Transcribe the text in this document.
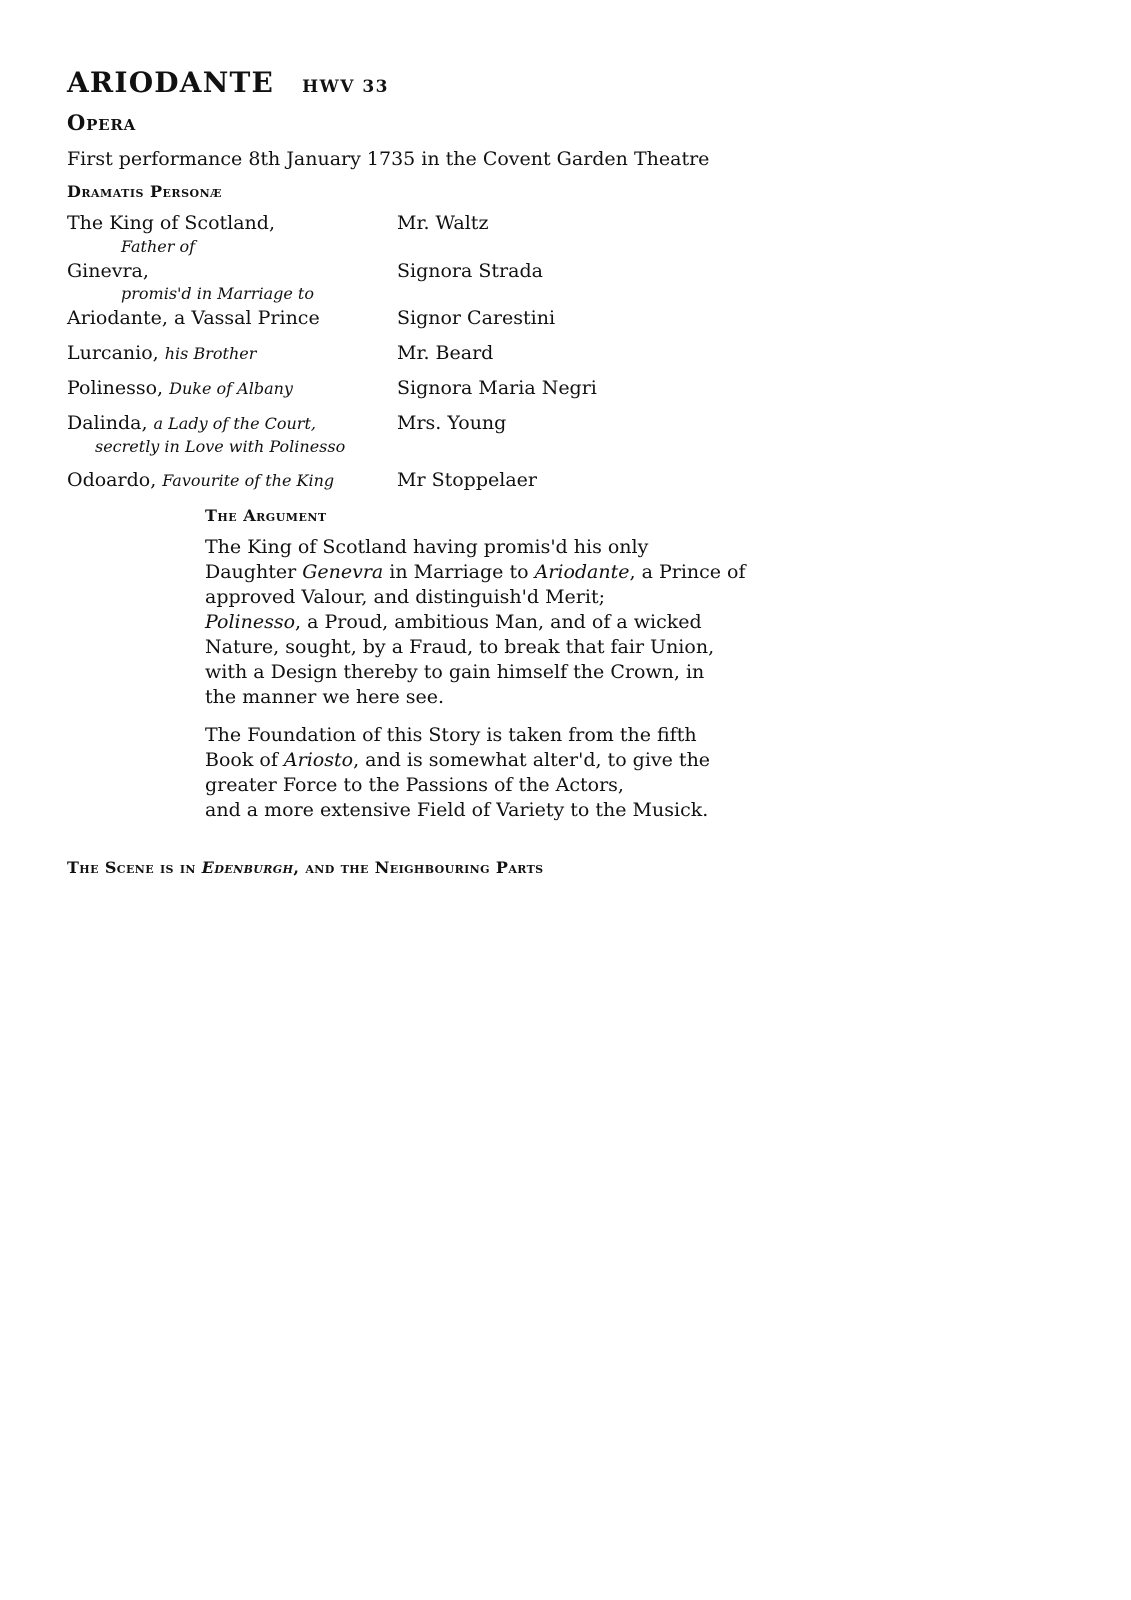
ARIODANTE HWV 33
Opera
First performance 8th January 1735 in the Covent Garden Theatre
Dramatis Personæ
The King of Scotland,	Mr. Waltz
Father of
Ginevra,	Signora Strada
promis'd in Marriage to
Ariodante, a Vassal Prince	Signor Carestini
Lurcanio, his Brother	Mr. Beard
Polinesso, Duke of Albany	Signora Maria Negri
Dalinda, a Lady of the Court,	Mrs. Young
secretly in Love with Polinesso
Odoardo, Favourite of the King	Mr Stoppelaer
The Argument
The King of Scotland having promis'd his only
Daughter Genevra in Marriage to Ariodante, a Prince of
approved Valour, and distinguish'd Merit;
Polinesso, a Proud, ambitious Man, and of a wicked
Nature, sought, by a Fraud, to break that fair Union,
with a Design thereby to gain himself the Crown, in
the manner we here see.
The Foundation of this Story is taken from the fifth
Book of Ariosto, and is somewhat alter'd, to give the
greater Force to the Passions of the Actors,
and a more extensive Field of Variety to the Musick.
The Scene is in Edenburgh, and the Neighbouring Parts
